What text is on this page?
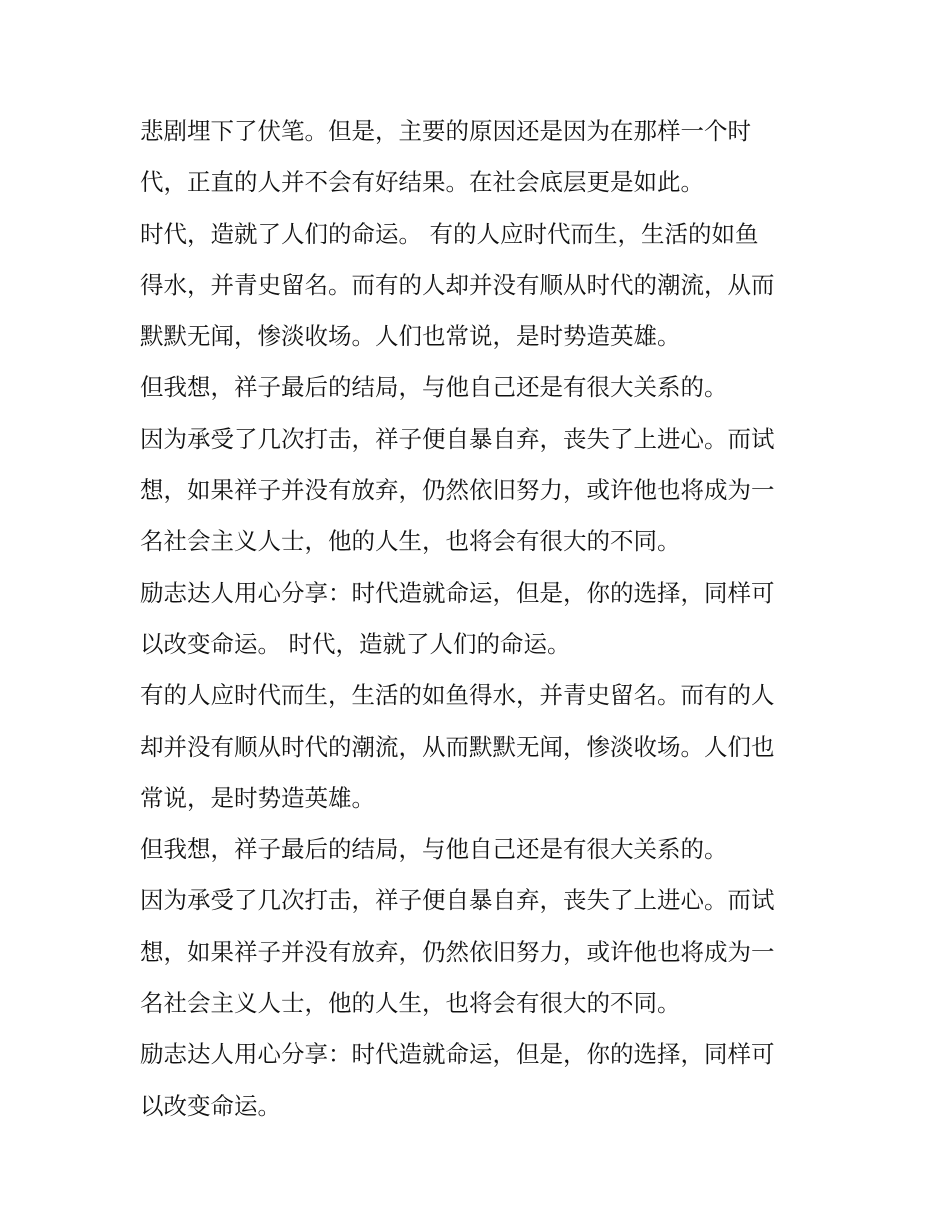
悲剧埋下了伏笔。但是，主要的原因还是因为在那样一个时
代，正直的人并不会有好结果。在社会底层更是如此。
时代，造就了人们的命运。 有的人应时代而生，生活的如鱼
得水，并青史留名。而有的人却并没有顺从时代的潮流，从而
默默无闻，惨淡收场。人们也常说，是时势造英雄。
但我想，祥子最后的结局，与他自己还是有很大关系的。
因为承受了几次打击，祥子便自暴自弃，丧失了上进心。而试
想，如果祥子并没有放弃，仍然依旧努力，或许他也将成为一
名社会主义人士，他的人生，也将会有很大的不同。
励志达人用心分享：时代造就命运，但是，你的选择，同样可
以改变命运。 时代，造就了人们的命运。
有的人应时代而生，生活的如鱼得水，并青史留名。而有的人
却并没有顺从时代的潮流，从而默默无闻，惨淡收场。人们也
常说，是时势造英雄。
但我想，祥子最后的结局，与他自己还是有很大关系的。
因为承受了几次打击，祥子便自暴自弃，丧失了上进心。而试
想，如果祥子并没有放弃，仍然依旧努力，或许他也将成为一
名社会主义人士，他的人生，也将会有很大的不同。
励志达人用心分享：时代造就命运，但是，你的选择，同样可
以改变命运。
